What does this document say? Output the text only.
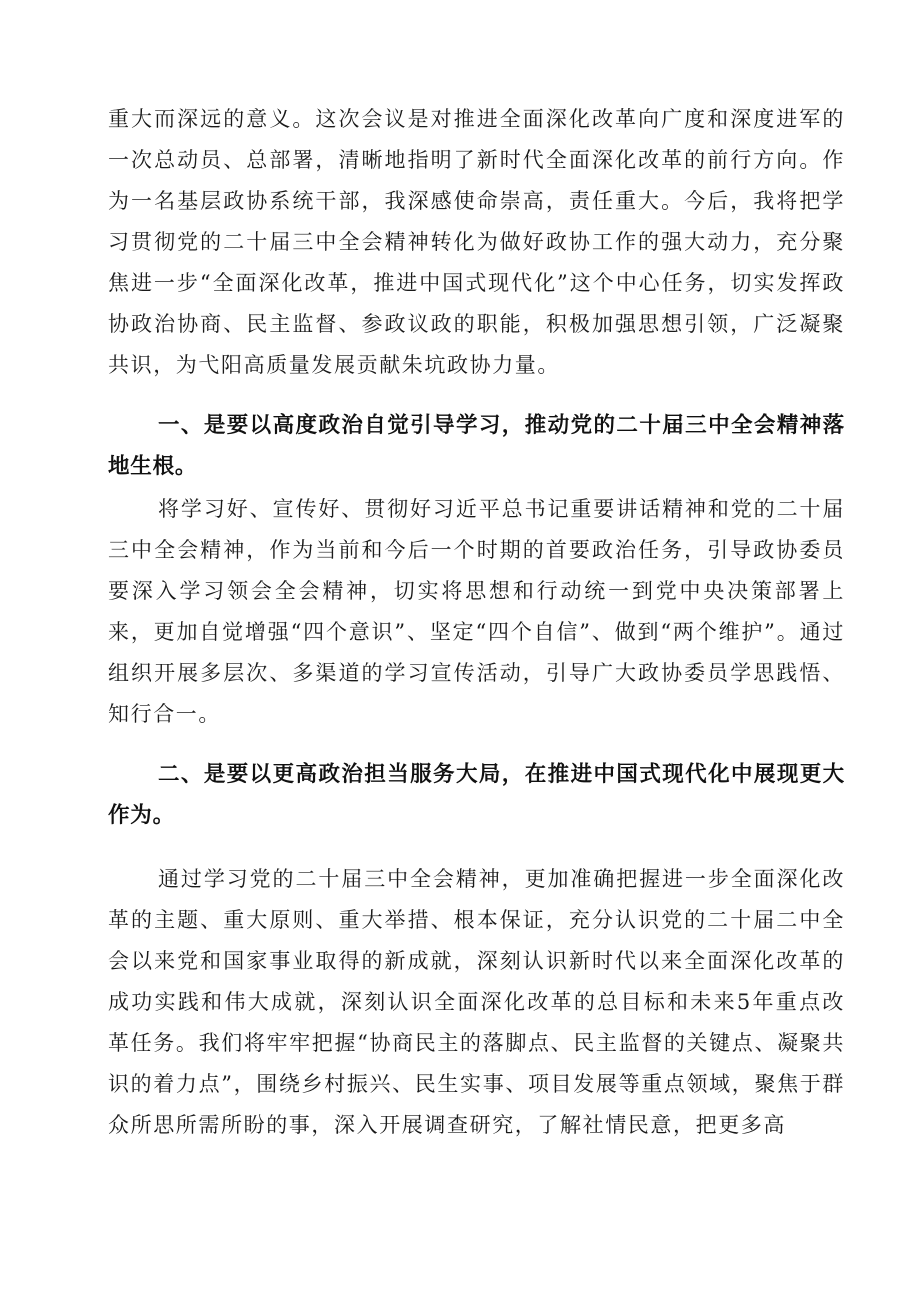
重大而深远的意义。这次会议是对推进全面深化改革向广度和深度进军的一次总动员、总部署，清晰地指明了新时代全面深化改革的前行方向。作为一名基层政协系统干部，我深感使命崇高，责任重大。今后，我将把学习贯彻党的二十届三中全会精神转化为做好政协工作的强大动力，充分聚焦进一步“全面深化改革，推进中国式现代化”这个中心任务，切实发挥政协政治协商、民主监督、参政议政的职能，积极加强思想引领，广泛凝聚共识，为弋阳高质量发展贡献朱坑政协力量。

一、是要以高度政治自觉引导学习，推动党的二十届三中全会精神落地生根。

将学习好、宣传好、贯彻好习近平总书记重要讲话精神和党的二十届三中全会精神，作为当前和今后一个时期的首要政治任务，引导政协委员要深入学习领会全会精神，切实将思想和行动统一到党中央决策部署上来，更加自觉增强“四个意识”、坚定“四个自信”、做到“两个维护”。通过组织开展多层次、多渠道的学习宣传活动，引导广大政协委员学思践悟、知行合一。

二、是要以更高政治担当服务大局，在推进中国式现代化中展现更大作为。

通过学习党的二十届三中全会精神，更加准确把握进一步全面深化改革的主题、重大原则、重大举措、根本保证，充分认识党的二十届二中全会以来党和国家事业取得的新成就，深刻认识新时代以来全面深化改革的成功实践和伟大成就，深刻认识全面深化改革的总目标和未来5年重点改革任务。我们将牢牢把握“协商民主的落脚点、民主监督的关键点、凝聚共识的着力点”，围绕乡村振兴、民生实事、项目发展等重点领域，聚焦于群众所思所需所盼的事，深入开展调查研究，了解社情民意，把更多高
